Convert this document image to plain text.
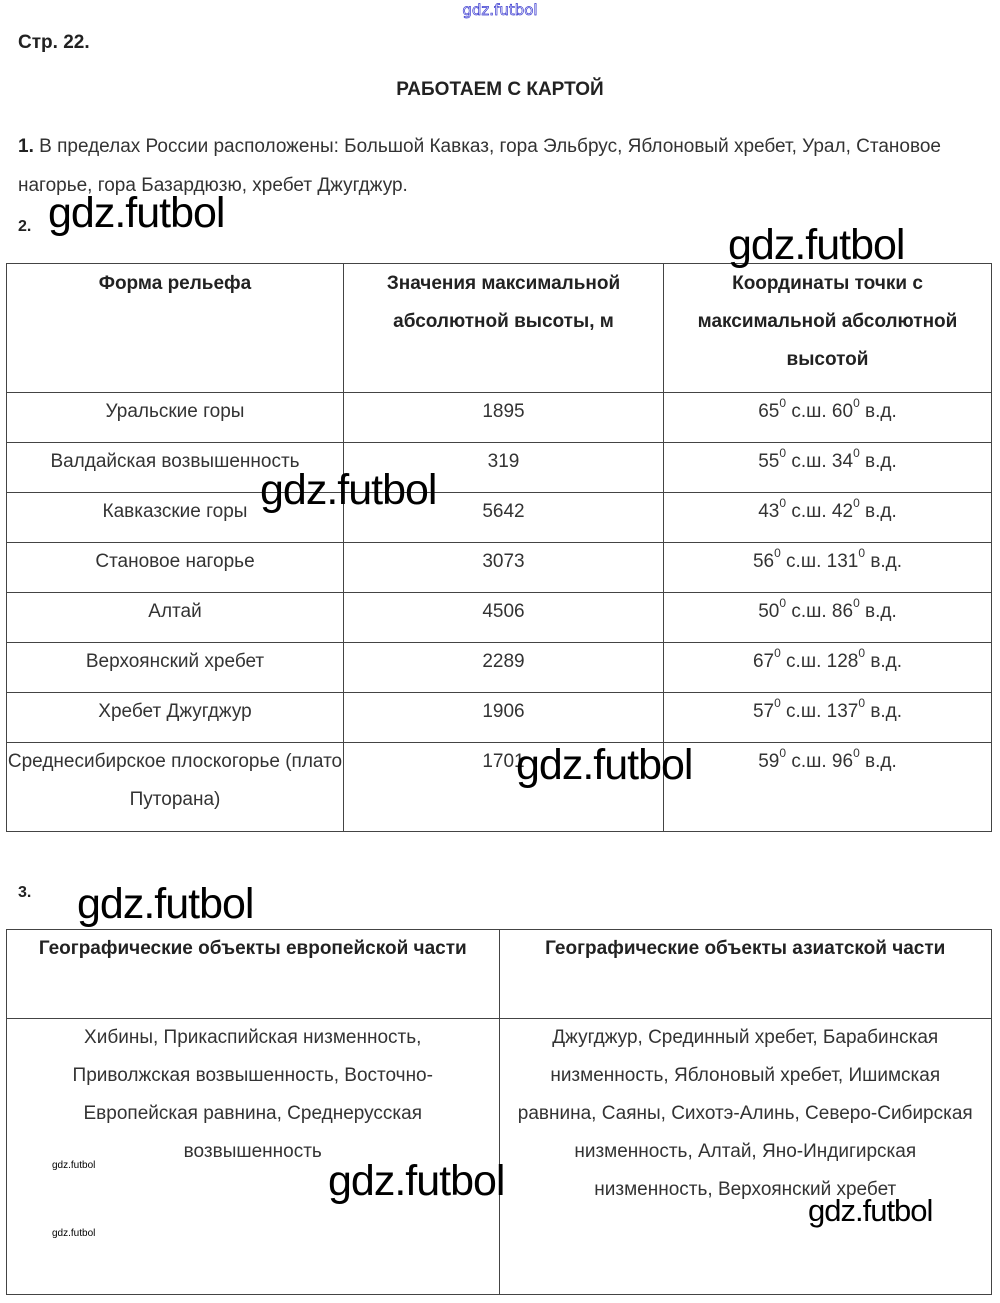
gdz.futbol
Стр. 22.
РАБОТАЕМ С КАРТОЙ
1. В пределах России расположены: Большой Кавказ, гора Эльбрус, Яблоновый хребет, Урал, Становое нагорье, гора Базардюзю, хребет Джугджур.
2. gdz.futbol
gdz.futbol
Форма рельефа	Значения максимальной абсолютной высоты, м	Координаты точки с максимальной абсолютной высотой
Уральские горы	1895	$65^0$ с.ш. $60^0$ в.д.
Валдайская возвышенность	319	$55^0$ с.ш. $34^0$ в.д.
Кавказские горы	5642	$43^0$ с.ш. $42^0$ в.д.
Становое нагорье	3073	$56^0$ с.ш. $131^0$ в.д.
Алтай	4506	$50^0$ с.ш. $86^0$ в.д.
Верхоянский хребет	2289	$67^0$ с.ш. $128^0$ в.д.
Хребет Джугджур	1906	$57^0$ с.ш. $137^0$ в.д.
Среднесибирское плоскогорье (плато Путорана)	1701	$59^0$ с.ш. $96^0$ в.д.
gdz.futbol
gdz.futbol
3. gdz.futbol
Географические объекты европейской части	Географические объекты азиатской части

Хибины, Прикаспийская низменность, Приволжская возвышенность, Восточно-Европейская равнина, Среднерусская возвышенность	Джугджур, Срединный хребет, Барабинская низменность, Яблоновый хребет, Ишимская равнина, Саяны, Сихотэ-Алинь, Северо-Сибирская низменность, Алтай, Яно-Индигирская низменность, Верхоянский хребет
gdz.futbol
gdz.futbol
gdz.futbol
gdz.futbol
